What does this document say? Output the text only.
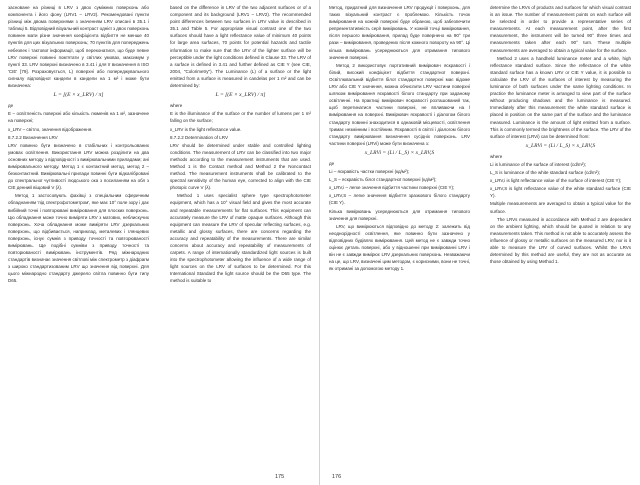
засноване на різниці в LRV з двох суміжних поверхонь або компонента і його фону (LRV1 – LRV2). Рекомендовані пункти різниці між двома поверхнями з значенням LRV описані в 35.1 і таблиці 5. Відповідний візуальний контраст однієї з двох поверхонь повинен мати різне значення коефіцієнта відбиття не менше 40 пунктів для цих візуальних поверхонь; 70 пунктів для попереджень небезпек і тактової інформації, щоб переконатися, що буде певне LRV поверхні повинні пом'ятати у світлих умовах, максимум у пункті 33. LRV поверхні визначено в 3.41 і для її визначення в ISO 'CIE' [79]. Розраховується, L) поверхні або попереджувального сигналу відповідної кандели в кандели на 1 м² і може бути визначена:

L = [(E × x_LRV) / π]

де

E – освітленість поверхні або кількість люменів на 1 м², зазначене на поверхні;

x_LRV – світло, значення відображення.

8.7.2.2 Визначення LRV

LRV повинно бути визначено в стабільних і контрольованих умовах освітлення. Використання LRV можна розділити на два основних методу з відповідності з вимірювальними приладами; ані вимірювального методу. Метод 1 є контактний метод, метод 2 – безконтактний. Вимірювальні прилади повинні бути відкалібровані до спектральної чутливості людського ока з посиланням на обл з CIE денний віщовий V (λ).

Метод 1 застосовують фахівці з спеціальним сферичним обладнанням 'під спектрофотометром', яке має 10° поле зору і дає вибійний точні і повторювані вимірювання для плоских поверхонь. Цю обладнання може точно виміряти LRV з матових, неблискучих поверхонь. Хоча обладнання може виміряти LRV дзеркальних поверхонь, що відбивається, наприклад, металевих і глянцевих поверхонь, існує сумнів з приводу точності та повторюваності вимірювань. Ще подібні сумніви з приводу точності та повторюваності вимірювань інструментів. Ряд міжнародних стандартів визначає значення світлові між спектрометр з діафрагм з широко стандартизованим LRV що значення від поверхні. Для цього міжнародно стандарту джерело світла повинно бути типу D65.

based on the difference in LRV of the two adjacent surfaces or of a component and its background (LRV1 – LRV2). The recommended point differences between two surfaces in LRV value is described in 35.1 and Table 5. For appropriate visual contrast one of the two surfaces should have a light reflectance value of minimum 40 points for large area surfaces, 70 points for potential hazards and tactile information to make sure that the LRV of the lighter surface will be perceptible under the light conditions defined in Clause 33. The LRV of a surface is defined in 3.41 and further defined as CIE Y (see CIE, 2004, "Colorimetry"). The Luminance (L) of a surface or the light emitted from a surface is measured in candelas per 1 m² and can be determined by:

L = [(E × x_LRV) / π]

where

E is the illuminance of the surface or the number of lumens per 1 m² falling on the surface;

x_LRV is the light reflectance value.

8.7.2.2 Determination of LRV

LRV should be determined under stable and controlled lighting conditions. The measurement of LRV can be classified into two major methods according to the measurement instruments that are used. Method 1 is the Contact method and Method 2 the Noncontact method. The measurement instruments shall be calibrated to the spectral sensitivity of the human eye, corrected to align with the CIE photopic curve V (λ).

Method 1 uses specialist sphere type spectrophotometer equipment, which has a 10° visual field and gives the most accurate and repeatable measurements for flat surfaces. This equipment can accurately measure the LRV of matte opaque surfaces. Although this equipment can measure the LRV of specular reflecting surfaces, e.g. metallic and glossy surfaces, there are concerns regarding the accuracy and repeatability of the measurements. There are similar concerns about accuracy and repeatability of measurements of carpets. A range of internationally standardized light sources is built into the spectrophotometer allowing the influence of a wide range of light sources on the LRV of surfaces to be determined. For this International Standard the light source should be the D65 type. The method is suitable to

175

Метод, придатний для визначення LRV продукції і поверхонь, для таких візуальний контраст є проблемою. Кількість точок вимірювання на кожній поверхні буде обраною, щоб забезпечити репрезентативність серії вимірювань. У кожній точці вимірювання, після першого вимірювання, прилад буде повернено на 90° три рази – вимірювання, проведених після кожного повороту на 90°. Ці кілька вимірювань усереднюються для отримання типового значення поверхні.

Метод 2 використовує портативний вимірювач яскравості і білий, високий коефіцієнт відбиття стандартної поверхні. Освітлювальний відбиття білої стандартної поверхні має відоме LRV або CIE Y значення, можна обчислити LRV частини поверхні шляхом вимірювання яскравості білого стандарту при заданому освітленні. На практиці вимірювач яскравості розташований так, щоб перетинатися частини поверхні, не впливаючи на l вимірювання на поверхні. Вимірювач яскравості і діалогом білого стандарту повинні знаходитися в однаковій місцевості, освітлення тримає незмінним і постійним. Яскравості в світлі і діалогом білого стандарту вимірювання визначення сусідніх поверхонь. LRV частини поверхні (LRVi) може бути визначена з:

x_LRVi = (Li / L_S) × x_LRV,S

де

Li – яскравість частки поверхні (кд/м²);

L_S – яскравість білої стандартної поверхні (кд/м²);

x_LRV,i – легке значення відбиття частини поверхні (CIE Y);

x_LRV,S – легке значення відбиття зразкового білого стандарту (CIE Y).

Кілька вимірювань усереднюються для отримання типового значення для поверхні.

LRV, що вимірюються відповідно до методу 2: залежить від неоднорідності освітлення, яке повинно бути зазначено у відповідних будівлях вимірювання. Цей метод не є завжди точно оцінює деталь поверхні, або у відношенні при вимірюванні LRV і він не є завжди вимірює LRV дзеркальних поверхонь. Незважаючи на це, що LRV, визначені цим методом, є корисними, вони не точні, як отримані за допомогою методу 1.

determine the LRVs of products and surfaces for which visual contrast is an issue. The number of measurement points on each surface will be selected in order to provide a representative series of measurements. At each measurement point, after the first measurement, the instrument will be turned 90° three times and measurements taken after each 90° turn. These multiple measurements are averaged to obtain a typical value for the surface.

Method 2 uses a handheld luminance meter and a white, high reflectance standard surface. Since the reflectance of the white standard surface has a known LRV or CIE Y value, it is possible to calculate the LRV of the surfaces of interest by measuring the luminance of both surfaces under the same lighting conditions. In practice the luminance meter is arranged to view part of the surface without producing shadows and the luminance is measured. Immediately after this measurement the white standard surface is placed in position on the same part of the surface and the luminance measured. Luminance is the amount of light emitted from a surface. This is commonly termed the brightness of the surface. The LRV of the surface of interest (LRVi) can be determined from:

x_LRVi = (Li / L_S) × x_LRV,S

where

Li is luminance of the surface of interest (cd/m²);

L_S is luminance of the white standard surface (cd/m²);

x_LRV,i is light reflectance value of the surface of interest (CIE Y);

x_LRV,S is light reflectance value of the white standard surface (CIE Y).

Multiple measurements are averaged to obtain a typical value for the surface.

The LRVs measured in accordance with Method 2 are dependent on the ambient lighting, which should be quoted in relation to any measurements taken. This method is not able to accurately assess the influence of glossy or metallic surfaces on the measured LRV, nor is it able to measure the LRV of curved surfaces. Whilst the LRVs determined by this method are useful, they are not as accurate as those obtained by using Method 1.

176
